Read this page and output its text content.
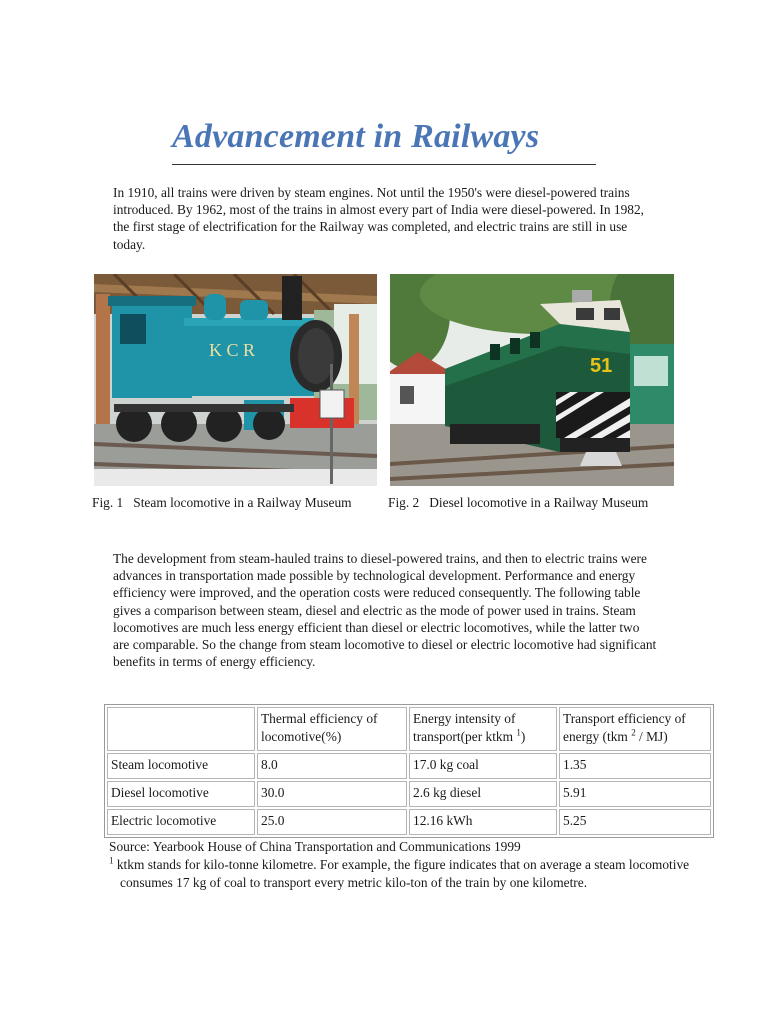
Advancement in Railways

In 1910, all trains were driven by steam engines. Not until the 1950's were diesel-powered trains introduced. By 1962, most of the trains in almost every part of India were diesel-powered. In 1982, the first stage of electrification for the Railway was completed, and electric trains are still in use today.

K C R
51

Fig. 1 Steam locomotive in a Railway Museum	Fig. 2 Diesel locomotive in a Railway Museum

The development from steam-hauled trains to diesel-powered trains, and then to electric trains were advances in transportation made possible by technological development. Performance and energy efficiency were improved, and the operation costs were reduced consequently. The following table gives a comparison between steam, diesel and electric as the mode of power used in trains. Steam locomotives are much less energy efficient than diesel or electric locomotives, while the latter two are comparable. So the change from steam locomotive to diesel or electric locomotive had significant benefits in terms of energy efficiency.

	Thermal efficiency of locomotive(%)	Energy intensity of transport(per ktkm $^1$)	Transport efficiency of energy (tkm $^2$ / MJ)
Steam locomotive	8.0	17.0 kg coal	1.35
Diesel locomotive	30.0	2.6 kg diesel	5.91
Electric locomotive	25.0	12.16 kWh	5.25

Source: Yearbook House of China Transportation and Communications 1999

$^1$ ktkm stands for kilo-tonne kilometre. For example, the figure indicates that on average a steam locomotive consumes 17 kg of coal to transport every metric kilo-ton of the train by one kilometre.
